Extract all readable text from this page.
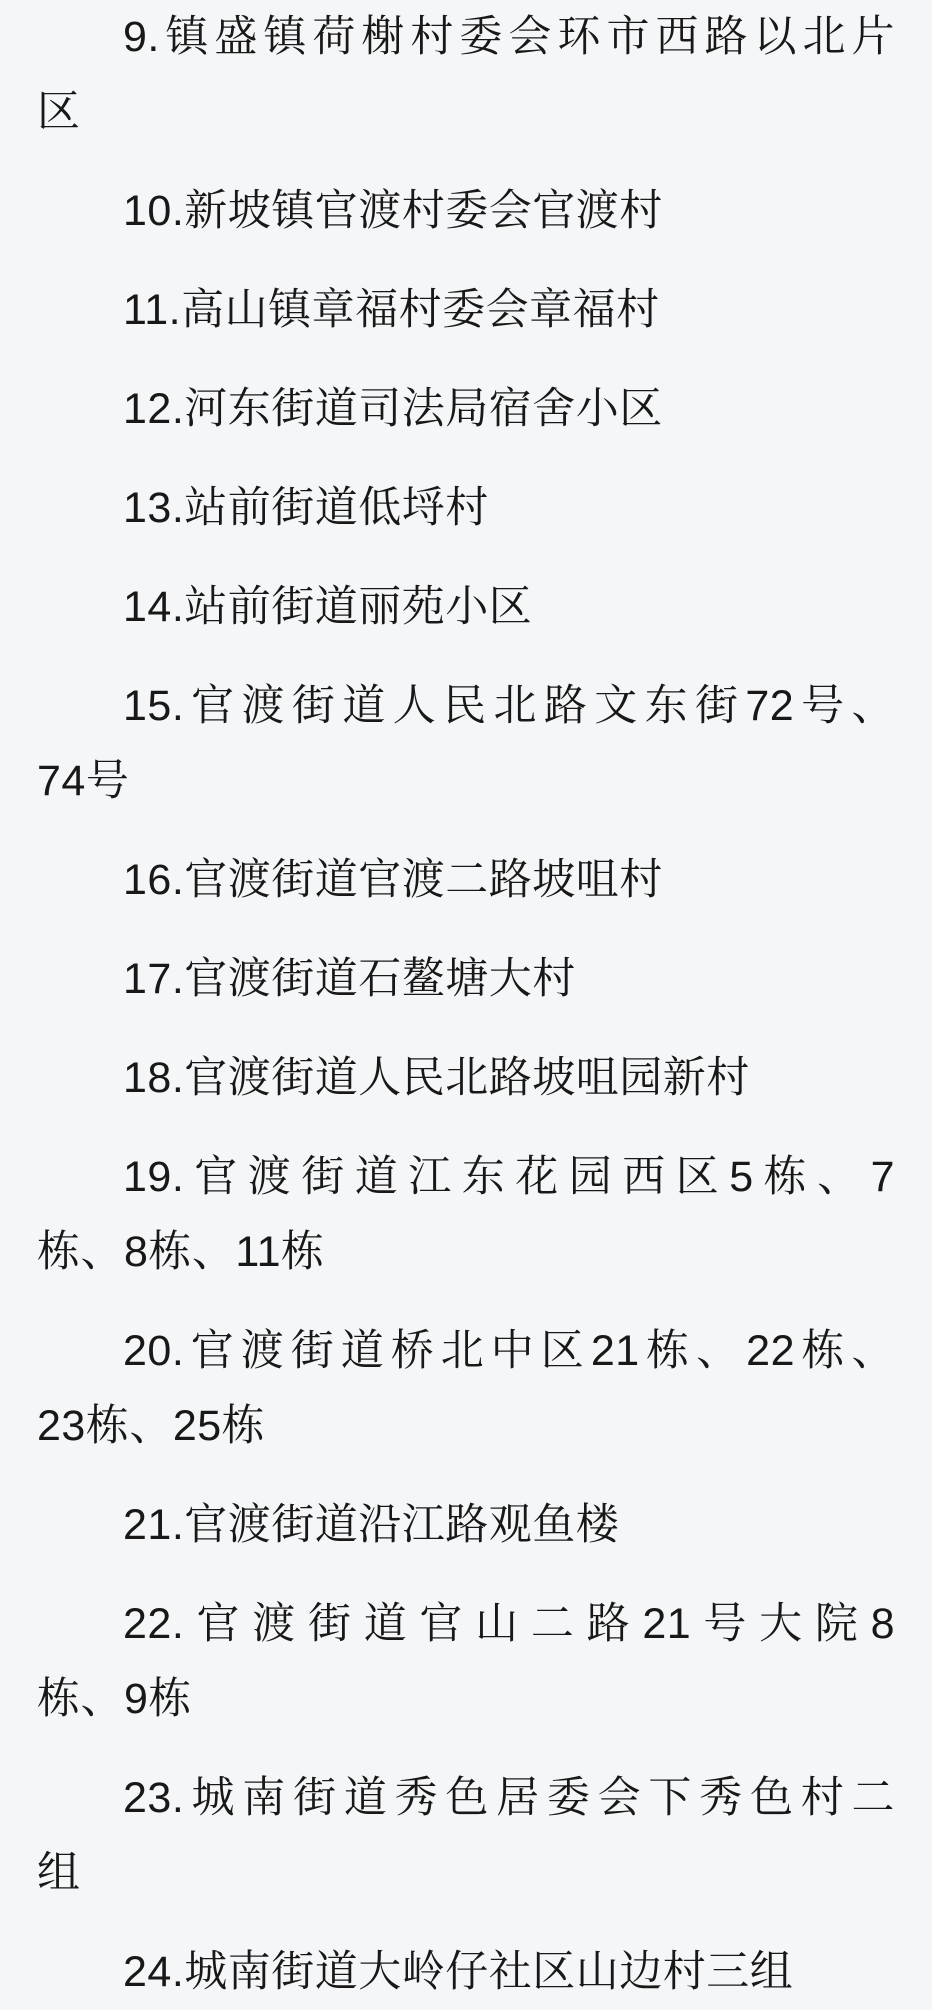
9.镇盛镇荷榭村委会环市西路以北片
区
10.新坡镇官渡村委会官渡村
11.高山镇章福村委会章福村
12.河东街道司法局宿舍小区
13.站前街道低埒村
14.站前街道丽苑小区
15.官渡街道人民北路文东街72号、
74号
16.官渡街道官渡二路坡咀村
17.官渡街道石鳌塘大村
18.官渡街道人民北路坡咀园新村
19.官渡街道江东花园西区5栋、7
栋、8栋、11栋
20.官渡街道桥北中区21栋、22栋、
23栋、25栋
21.官渡街道沿江路观鱼楼
22.官渡街道官山二路21号大院8
栋、9栋
23.城南街道秀色居委会下秀色村二
组
24.城南街道大岭仔社区山边村三组
